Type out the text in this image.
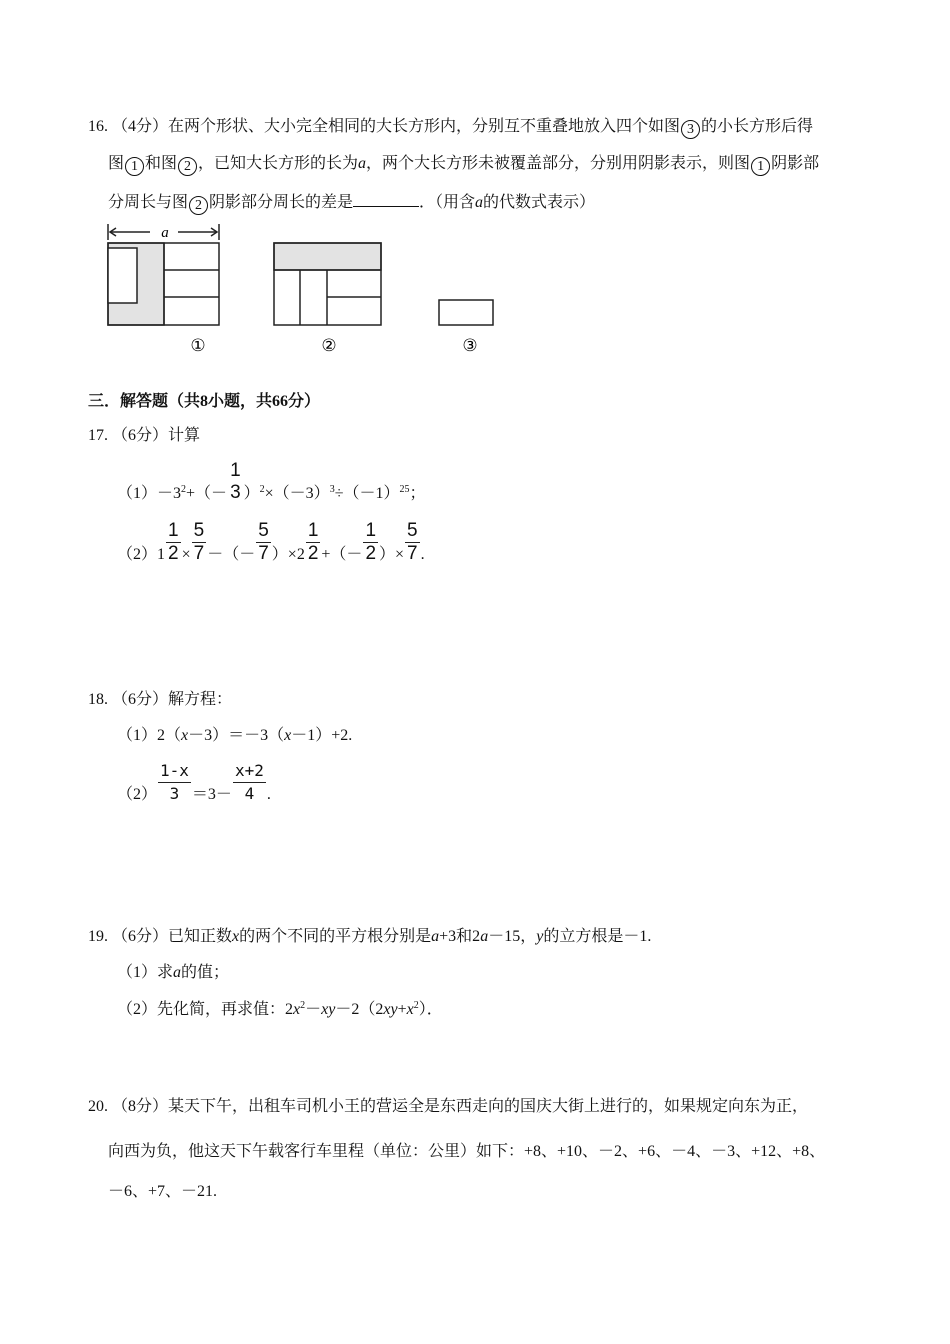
16. （4分）在两个形状、大小完全相同的大长方形内，分别互不重叠地放入四个如图 3 的小长方形后得
图 1 和图 2 ，已知大长方形的长为a，两个大长方形未被覆盖部分，分别用阴影表示，则图 1 阴影部
分周长与图 2 阴影部分周长的差是	．（用含a的代数式表示）
a
①	②	③
三．解答题（共8小题，共66分）
17. （6分）计算
$(1)-3^2+(-$
1
3 ）$^2\times(-3)^3\div(-1)^{25}$；
$(2)1 \frac{1}{2} \times \frac{5}{7}$ －（－ $\frac{5}{7} )\times 2 \frac{1}{2}$ +（－ $\frac{1}{2}$ ）× $\frac{5}{7}$ .
18. （6分）解方程：
（1）2（x－3）＝－3（x－1）+2.
$(2) \frac{1-x}{3} =3- \frac{x+2}{4}$ .
19. （6分）已知正数x的两个不同的平方根分别是a+3和2a－15，y的立方根是－1.
（1）求a的值；
（2）先化简，再求值：$2x^2-xy-2(2xy+x^2)$．
20. （8分）某天下午，出租车司机小王的营运全是东西走向的国庆大街上进行的，如果规定向东为正，
向西为负，他这天下午载客行车里程（单位：公里）如下：+8、+10、－2、+6、－4、－3、+12、+8、
－6、+7、－21.
